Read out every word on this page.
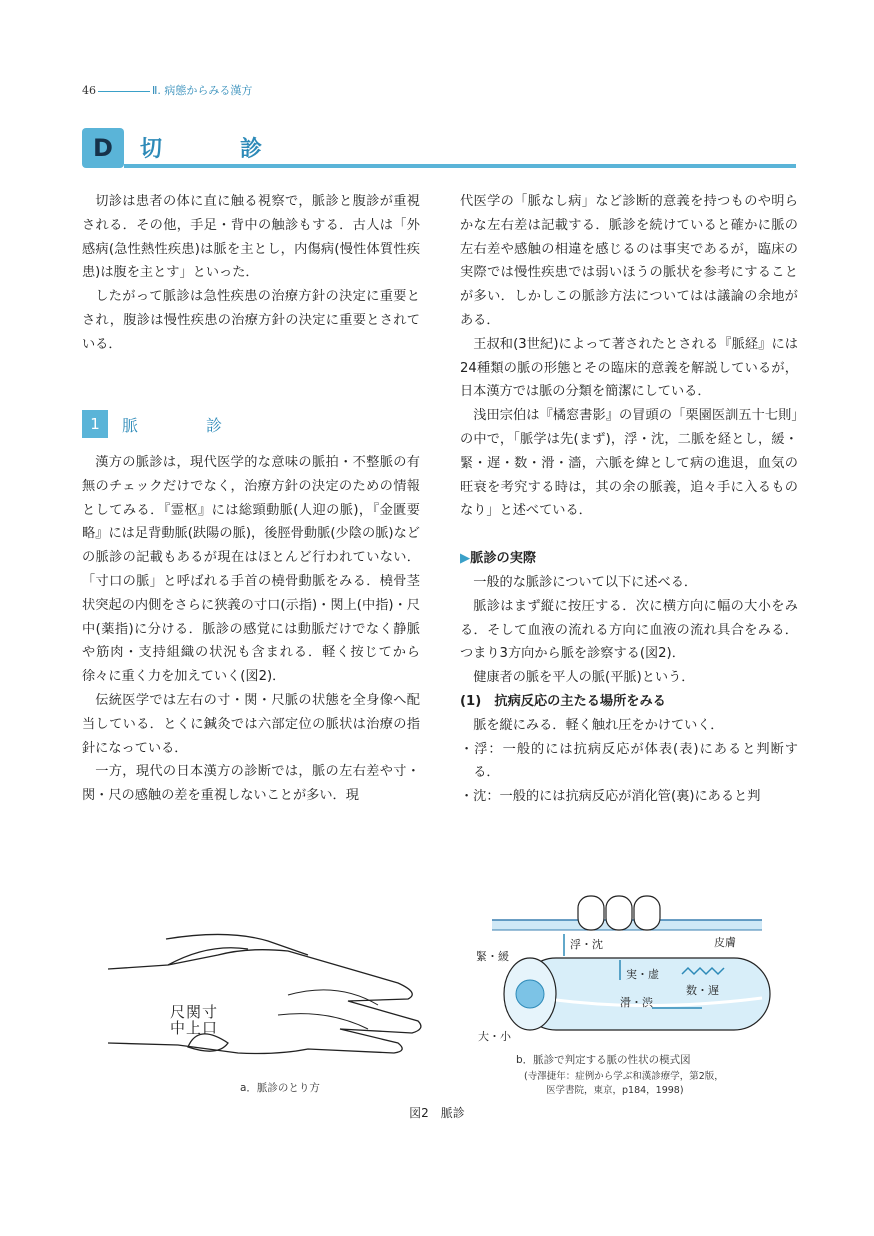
46	Ⅱ. 病態からみる漢方
D	切　診

切診は患者の体に直に触る視察で，脈診と腹診が重視される．その他，手足・背中の触診もする．古人は「外感病(急性熱性疾患)は脈を主とし，内傷病(慢性体質性疾患)は腹を主とす」といった．

したがって脈診は急性疾患の治療方針の決定に重要とされ，腹診は慢性疾患の治療方針の決定に重要とされている．

1	脈　診

漢方の脈診は，現代医学的な意味の脈拍・不整脈の有無のチェックだけでなく，治療方針の決定のための情報としてみる．『霊枢』には総頸動脈(人迎の脈)，『金匱要略』には足背動脈(趺陽の脈)，後脛骨動脈(少陰の脈)などの脈診の記載もあるが現在はほとんど行われていない．「寸口の脈」と呼ばれる手首の橈骨動脈をみる．橈骨茎状突起の内側をさらに狭義の寸口(示指)・関上(中指)・尺中(薬指)に分ける．脈診の感覚には動脈だけでなく静脈や筋肉・支持組織の状況も含まれる．軽く按じてから徐々に重く力を加えていく(図2)．

伝統医学では左右の寸・関・尺脈の状態を全身像へ配当している．とくに鍼灸では六部定位の脈状は治療の指針になっている．

一方，現代の日本漢方の診断では，脈の左右差や寸・関・尺の感触の差を重視しないことが多い．現

代医学の「脈なし病」など診断的意義を持つものや明らかな左右差は記載する．脈診を続けていると確かに脈の左右差や感触の相違を感じるのは事実であるが，臨床の実際では慢性疾患では弱いほうの脈状を参考にすることが多い．しかしこの脈診方法についてはは議論の余地がある．

王叔和(3世紀)によって著されたとされる『脈経』には24種類の脈の形態とその臨床的意義を解説しているが，日本漢方では脈の分類を簡潔にしている．

浅田宗伯は『橘窓書影』の冒頭の「栗園医訓五十七則」の中で，「脈学は先(まず)，浮・沈，二脈を経とし，緩・緊・遅・数・滑・濇，六脈を緯として病の進退，血気の旺衰を考究する時は，其の余の脈義，追々手に入るものなり」と述べている．

▶脈診の実際

一般的な脈診について以下に述べる．

脈診はまず縦に按圧する．次に横方向に幅の大小をみる．そして血液の流れる方向に血液の流れ具合をみる．つまり3方向から脈を診察する(図2)．

健康者の脈を平人の脈(平脈)という．

(1)　抗病反応の主たる場所をみる

脈を縦にみる．軽く触れ圧をかけていく．

・浮：一般的には抗病反応が体表(表)にあると判断する．

・沈：一般的には抗病反応が消化管(裏)にあると判

尺 関 寸
中 上 口
a．脈診のとり方
皮膚
浮・沈
緊・緩
実・虚
滑・渋
数・遅
大・小
b．脈診で判定する脈の性状の模式図
(寺澤捷年：症例から学ぶ和漢診療学，第2版，
医学書院，東京，p184，1998)
図2　脈診
